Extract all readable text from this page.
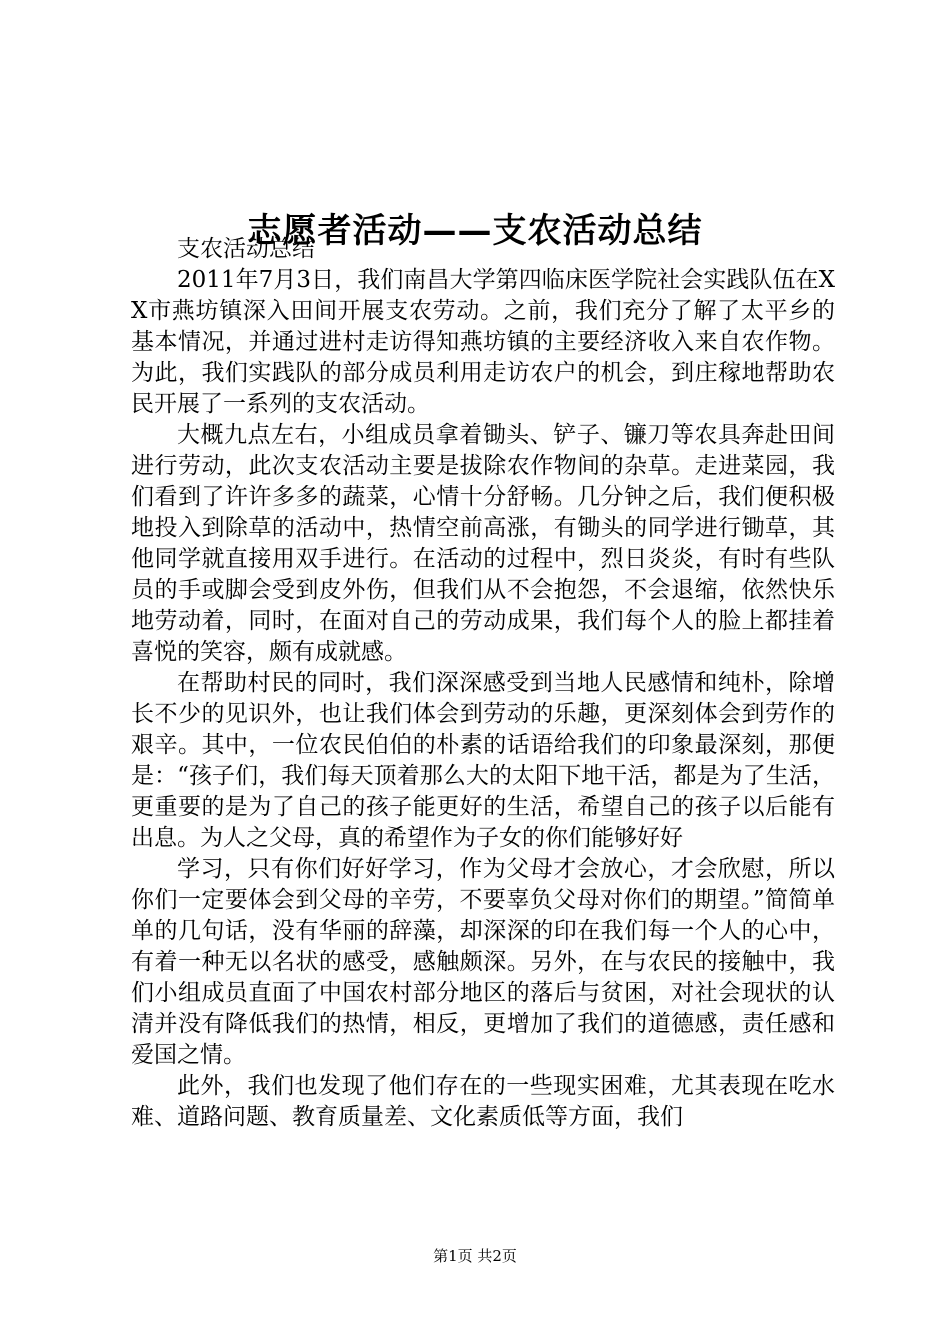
志愿者活动——支农活动总结

支农活动总结

2011年7月3日，我们南昌大学第四临床医学院社会实践队伍在XX市燕坊镇深入田间开展支农劳动。之前，我们充分了解了太平乡的基本情况，并通过进村走访得知燕坊镇的主要经济收入来自农作物。为此，我们实践队的部分成员利用走访农户的机会，到庄稼地帮助农民开展了一系列的支农活动。

大概九点左右，小组成员拿着锄头、铲子、镰刀等农具奔赴田间进行劳动，此次支农活动主要是拔除农作物间的杂草。走进菜园，我们看到了许许多多的蔬菜，心情十分舒畅。几分钟之后，我们便积极地投入到除草的活动中，热情空前高涨，有锄头的同学进行锄草，其他同学就直接用双手进行。在活动的过程中，烈日炎炎，有时有些队员的手或脚会受到皮外伤，但我们从不会抱怨，不会退缩，依然快乐地劳动着，同时，在面对自己的劳动成果，我们每个人的脸上都挂着喜悦的笑容，颇有成就感。

在帮助村民的同时，我们深深感受到当地人民感情和纯朴，除增长不少的见识外，也让我们体会到劳动的乐趣，更深刻体会到劳作的艰辛。其中，一位农民伯伯的朴素的话语给我们的印象最深刻，那便是：“孩子们，我们每天顶着那么大的太阳下地干活，都是为了生活，更重要的是为了自己的孩子能更好的生活，希望自己的孩子以后能有出息。为人之父母，真的希望作为子女的你们能够好好

学习，只有你们好好学习，作为父母才会放心，才会欣慰，所以你们一定要体会到父母的辛劳，不要辜负父母对你们的期望。”简简单单的几句话，没有华丽的辞藻，却深深的印在我们每一个人的心中，有着一种无以名状的感受，感触颇深。另外，在与农民的接触中，我们小组成员直面了中国农村部分地区的落后与贫困，对社会现状的认清并没有降低我们的热情，相反，更增加了我们的道德感，责任感和爱国之情。

此外，我们也发现了他们存在的一些现实困难，尤其表现在吃水难、道路问题、教育质量差、文化素质低等方面，我们

第1页 共2页
